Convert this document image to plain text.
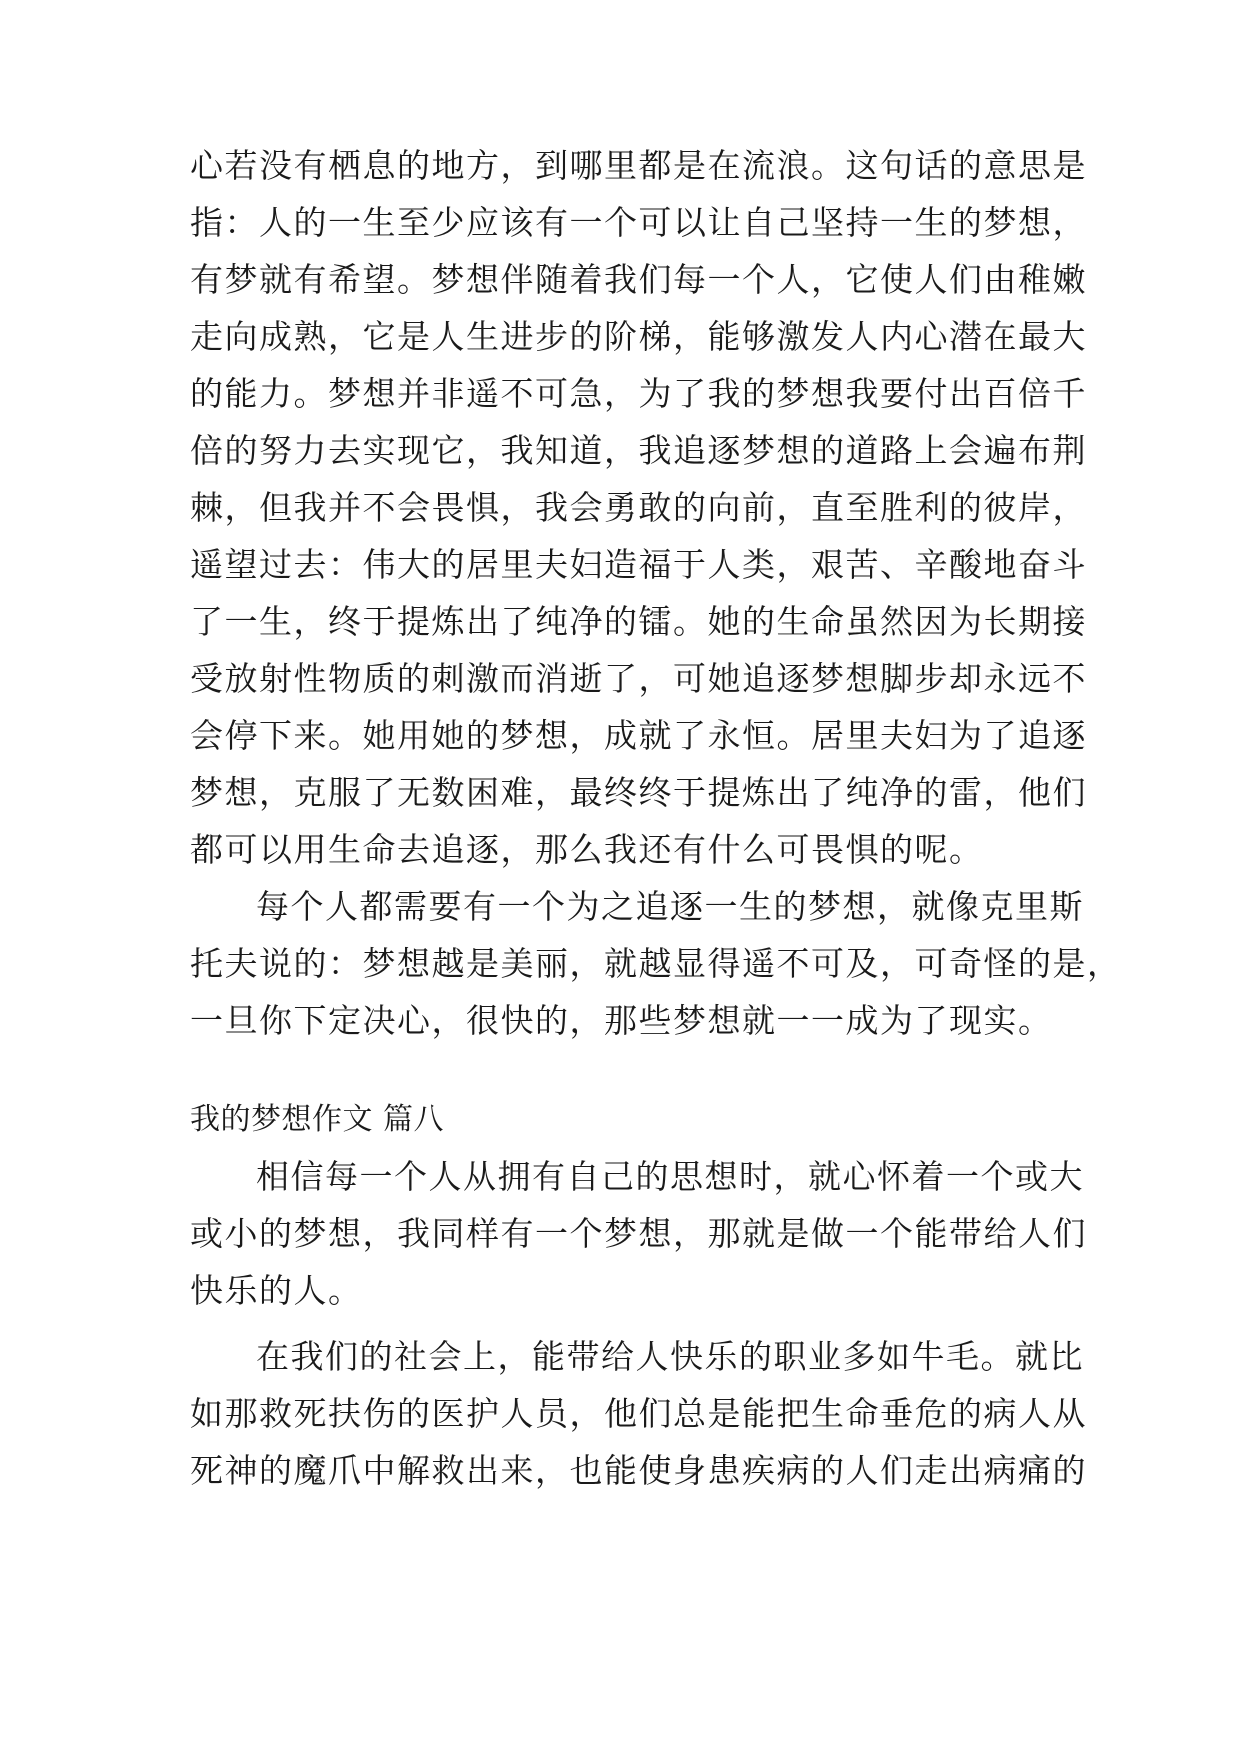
心若没有栖息的地方，到哪里都是在流浪。这句话的意思是
指：人的一生至少应该有一个可以让自己坚持一生的梦想，
有梦就有希望。梦想伴随着我们每一个人，它使人们由稚嫩
走向成熟，它是人生进步的阶梯，能够激发人内心潜在最大
的能力。梦想并非遥不可急，为了我的梦想我要付出百倍千
倍的努力去实现它，我知道，我追逐梦想的道路上会遍布荆
棘，但我并不会畏惧，我会勇敢的向前，直至胜利的彼岸，
遥望过去：伟大的居里夫妇造福于人类，艰苦、辛酸地奋斗
了一生，终于提炼出了纯净的镭。她的生命虽然因为长期接
受放射性物质的刺激而消逝了，可她追逐梦想脚步却永远不
会停下来。她用她的梦想，成就了永恒。居里夫妇为了追逐
梦想，克服了无数困难，最终终于提炼出了纯净的雷，他们
都可以用生命去追逐，那么我还有什么可畏惧的呢。
每个人都需要有一个为之追逐一生的梦想，就像克里斯
托夫说的：梦想越是美丽，就越显得遥不可及，可奇怪的是，
一旦你下定决心，很快的，那些梦想就一一成为了现实。
我的梦想作文 篇八
相信每一个人从拥有自己的思想时，就心怀着一个或大
或小的梦想，我同样有一个梦想，那就是做一个能带给人们
快乐的人。
在我们的社会上，能带给人快乐的职业多如牛毛。就比
如那救死扶伤的医护人员，他们总是能把生命垂危的病人从
死神的魔爪中解救出来，也能使身患疾病的人们走出病痛的
